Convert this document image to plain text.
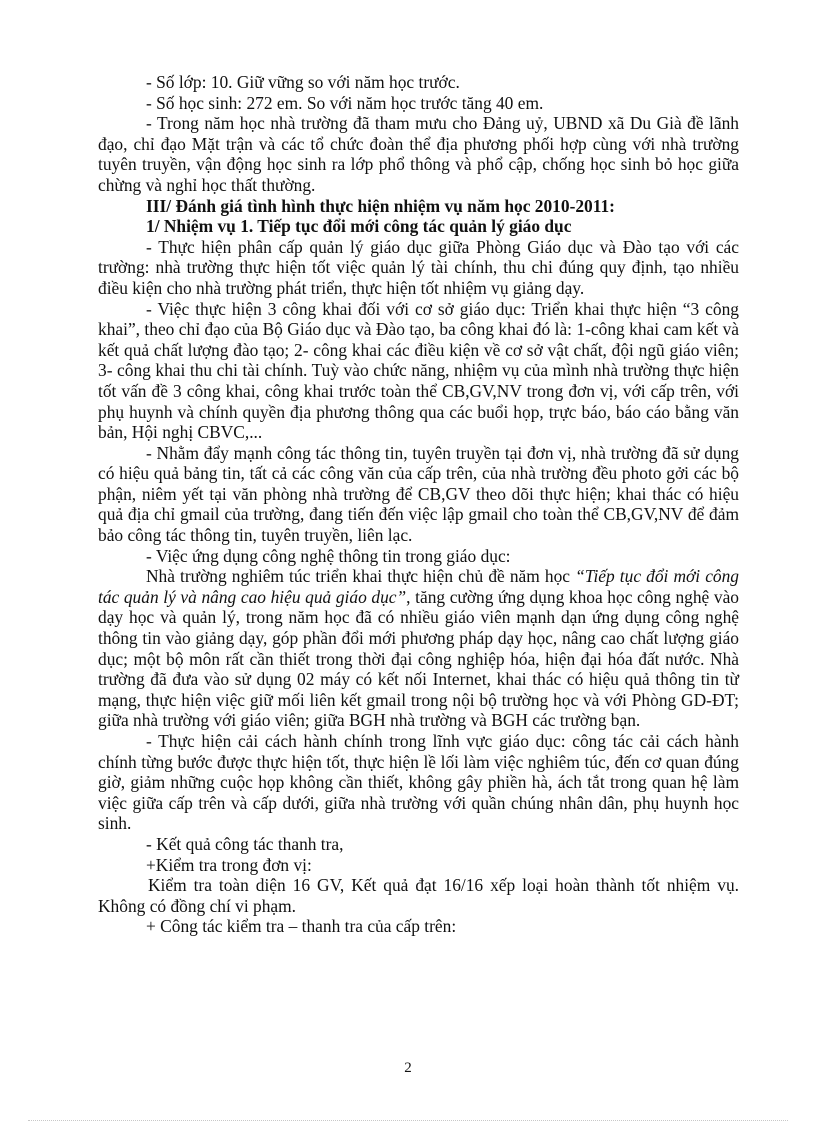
- Số lớp: 10. Giữ vững so với năm học trước.

- Số học sinh: 272 em. So với năm học trước tăng 40 em.

- Trong năm học nhà trường đã tham mưu cho Đảng uỷ, UBND xã Du Già đề lãnh đạo, chỉ đạo Mặt trận và các tổ chức đoàn thể địa phương phối hợp cùng với nhà trường tuyên truyền, vận động học sinh ra lớp phổ thông và phổ cập, chống học sinh bỏ học giữa chừng và nghỉ học thất thường.

III/ Đánh giá tình hình thực hiện nhiệm vụ năm học 2010-2011:

1/ Nhiệm vụ 1. Tiếp tục đổi mới công tác quản lý giáo dục

- Thực hiện phân cấp quản lý giáo dục giữa Phòng Giáo dục và Đào tạo với các trường: nhà trường thực hiện tốt việc quản lý tài chính, thu chi đúng quy định, tạo nhiều điều kiện cho nhà trường phát triển, thực hiện tốt nhiệm vụ giảng dạy.

- Việc thực hiện 3 công khai đối với cơ sở giáo dục: Triển khai thực hiện “3 công khai”, theo chỉ đạo của Bộ Giáo dục và Đào tạo, ba công khai đó là: 1-công khai cam kết và kết quả chất lượng đào tạo; 2- công khai các điều kiện về cơ sở vật chất, đội ngũ giáo viên; 3- công khai thu chi tài chính. Tuỳ vào chức năng, nhiệm vụ của mình nhà trường thực hiện tốt vấn đề 3 công khai, công khai trước toàn thể CB,GV,NV trong đơn vị, với cấp trên, với phụ huynh và chính quyền địa phương thông qua các buổi họp, trực báo, báo cáo bằng văn bản, Hội nghị CBVC,...

- Nhằm đẩy mạnh công tác thông tin, tuyên truyền tại đơn vị, nhà trường đã sử dụng có hiệu quả bảng tin, tất cả các công văn của cấp trên, của nhà trường đều photo gởi các bộ phận, niêm yết tại văn phòng nhà trường để CB,GV theo dõi thực hiện; khai thác có hiệu quả địa chỉ gmail của trường, đang tiến đến việc lập gmail cho toàn thể CB,GV,NV để đảm bảo công tác thông tin, tuyên truyền, liên lạc.

- Việc ứng dụng công nghệ thông tin trong giáo dục:

Nhà trường nghiêm túc triển khai thực hiện chủ đề năm học “Tiếp tục đổi mới công tác quản lý và nâng cao hiệu quả giáo dục”, tăng cường ứng dụng khoa học công nghệ vào dạy học và quản lý, trong năm học đã có nhiều giáo viên mạnh dạn ứng dụng công nghệ thông tin vào giảng dạy, góp phần đổi mới phương pháp dạy học, nâng cao chất lượng giáo dục; một bộ môn rất cần thiết trong thời đại công nghiệp hóa, hiện đại hóa đất nước. Nhà trường đã đưa vào sử dụng 02 máy có kết nối Internet, khai thác có hiệu quả thông tin từ mạng, thực hiện việc giữ mối liên kết gmail trong nội bộ trường học và với Phòng GD-ĐT; giữa nhà trường với giáo viên; giữa BGH nhà trường và BGH các trường bạn.

- Thực hiện cải cách hành chính trong lĩnh vực giáo dục: công tác cải cách hành chính từng bước được thực hiện tốt, thực hiện lề lối làm việc nghiêm túc, đến cơ quan đúng giờ, giảm những cuộc họp không cần thiết, không gây phiền hà, ách tắt trong quan hệ làm việc giữa cấp trên và cấp dưới, giữa nhà trường với quần chúng nhân dân, phụ huynh học sinh.

- Kết quả công tác thanh tra,

+Kiểm tra trong đơn vị:

Kiểm tra toàn diện 16 GV, Kết quả đạt 16/16 xếp loại hoàn thành tốt nhiệm vụ. Không có đồng chí vi phạm.

+ Công tác kiểm tra – thanh tra của cấp trên:

2
